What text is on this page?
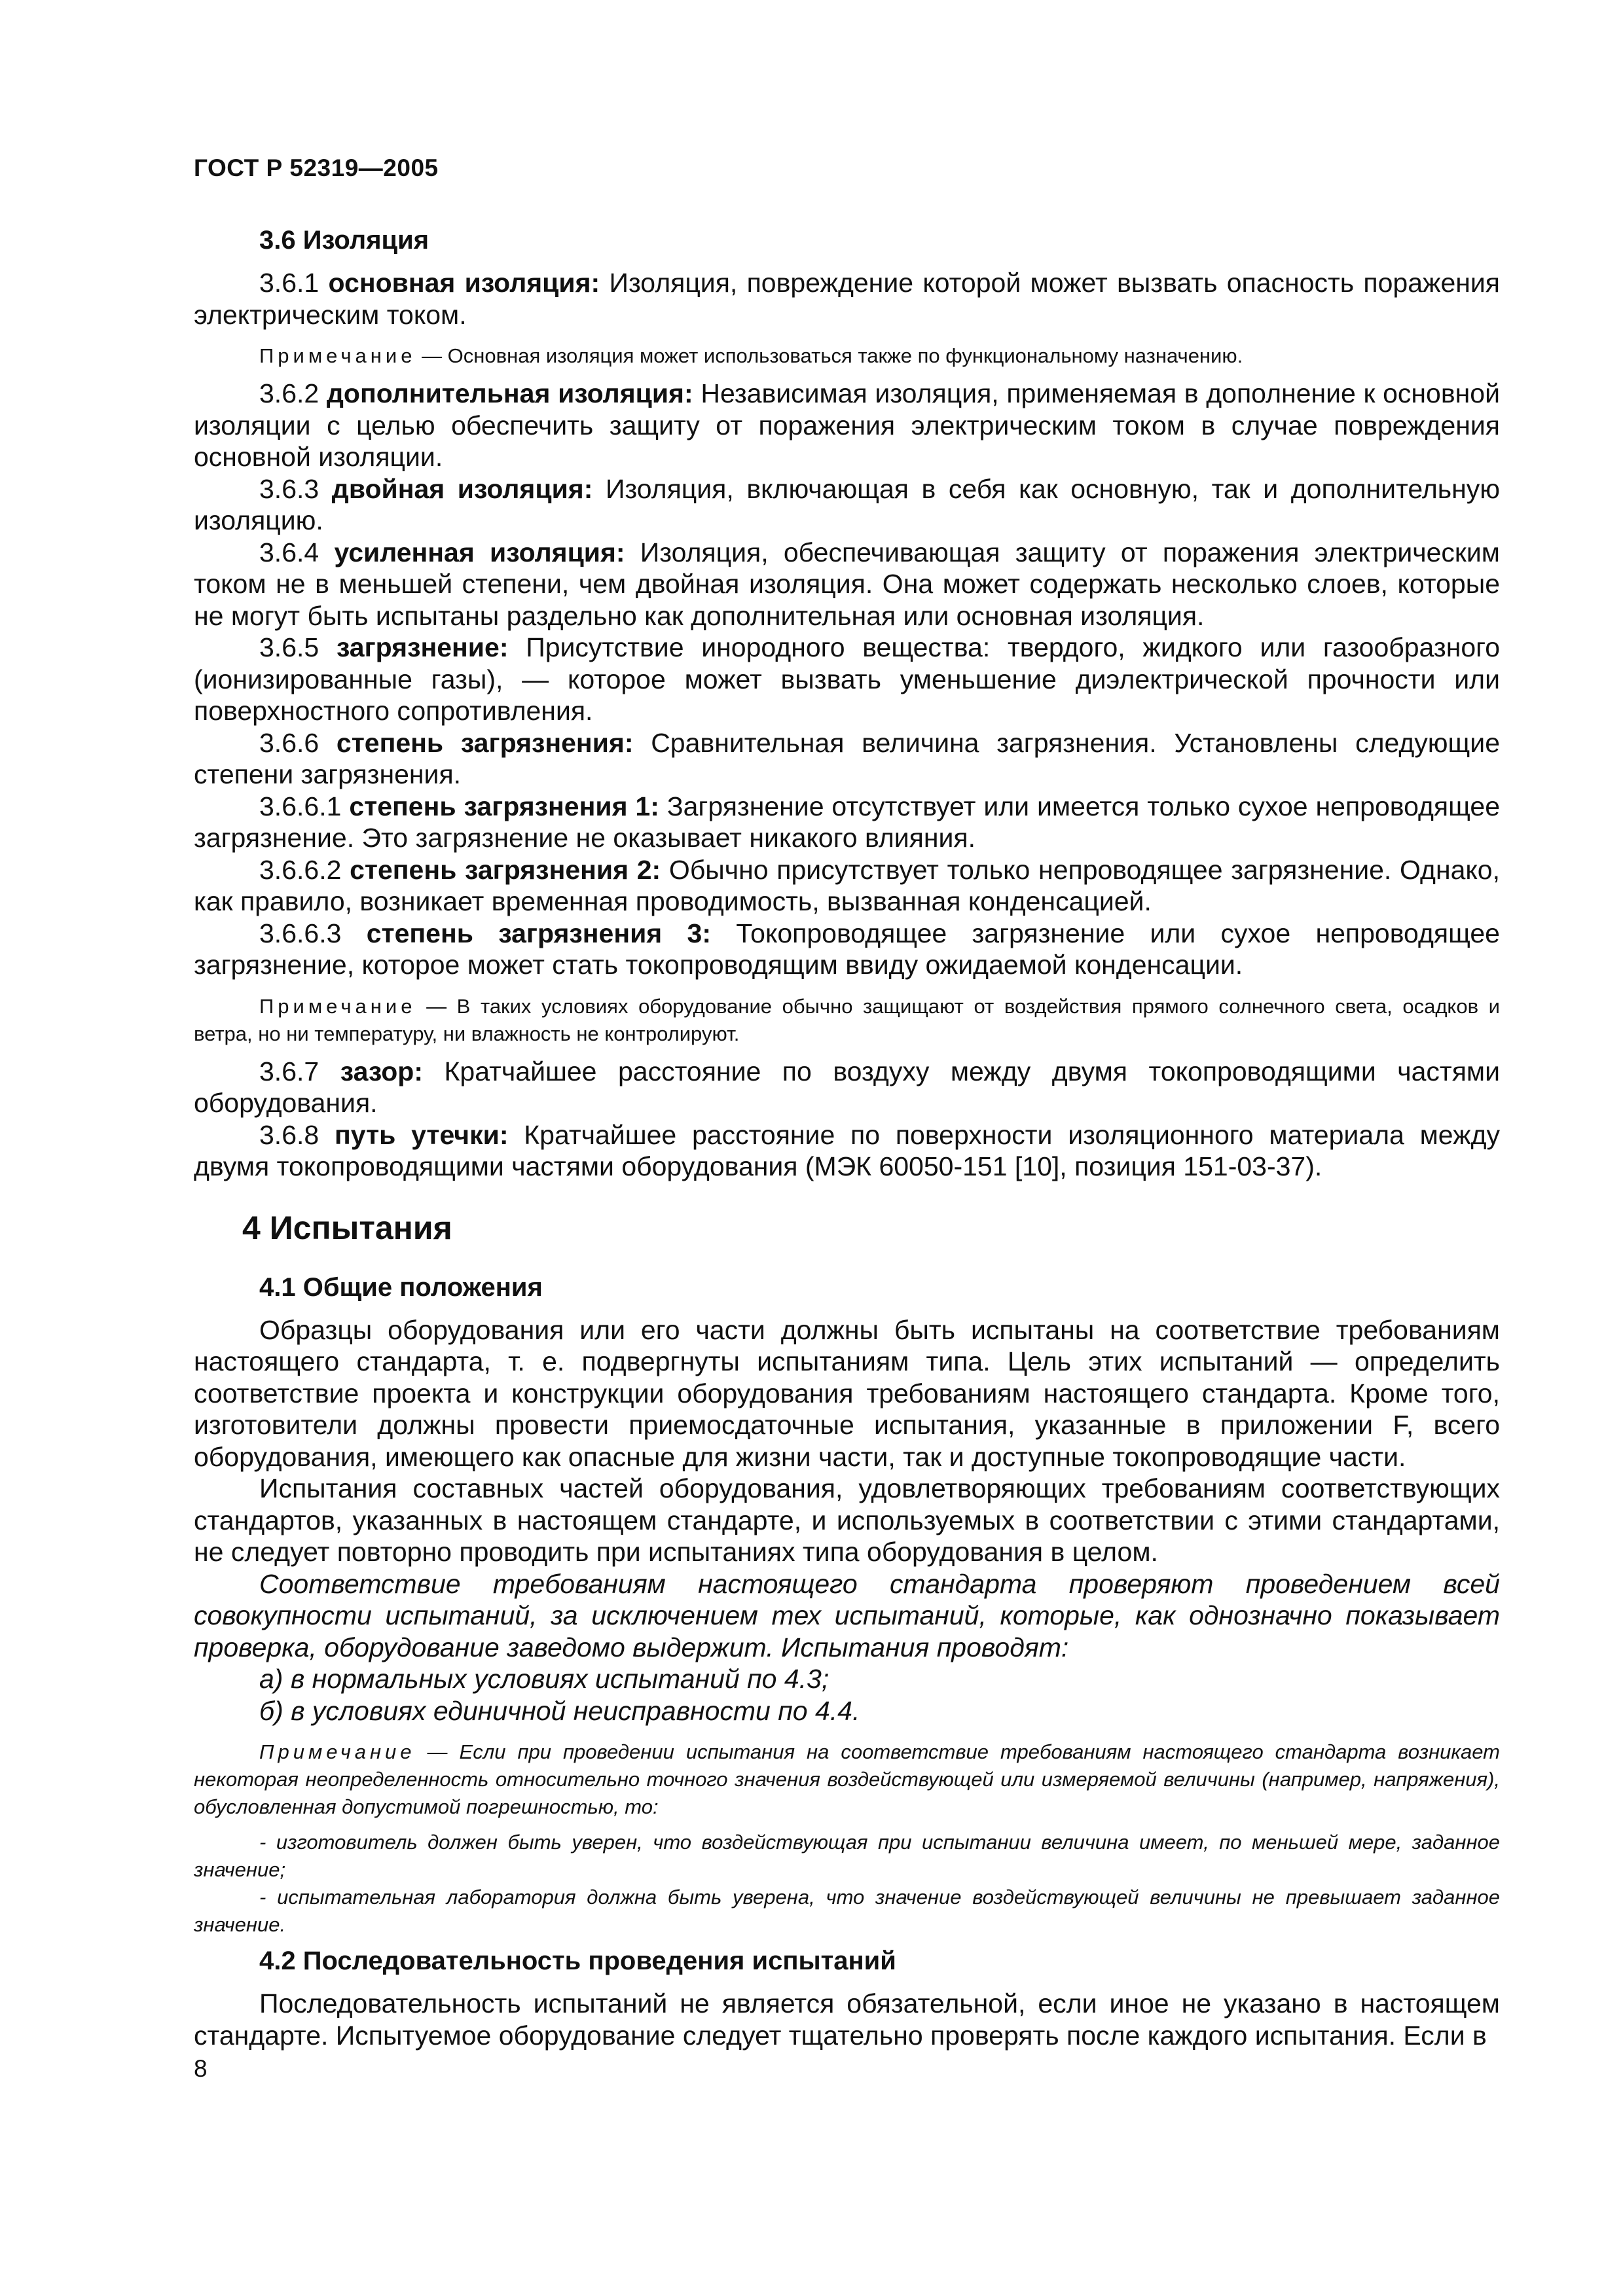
ГОСТ Р 52319—2005
3.6 Изоляция

3.6.1 основная изоляция: Изоляция, повреждение которой может вызвать опасность поражения электрическим током.

Примечание — Основная изоляция может использоваться также по функциональному назначению.

3.6.2 дополнительная изоляция: Независимая изоляция, применяемая в дополнение к основной изоляции с целью обеспечить защиту от поражения электрическим током в случае повреждения основной изоляции.

3.6.3 двойная изоляция: Изоляция, включающая в себя как основную, так и дополнительную изоляцию.

3.6.4 усиленная изоляция: Изоляция, обеспечивающая защиту от поражения электрическим током не в меньшей степени, чем двойная изоляция. Она может содержать несколько слоев, которые не могут быть испытаны раздельно как дополнительная или основная изоляция.

3.6.5 загрязнение: Присутствие инородного вещества: твердого, жидкого или газообразного (ионизированные газы), — которое может вызвать уменьшение диэлектрической прочности или поверхностного сопротивления.

3.6.6 степень загрязнения: Сравнительная величина загрязнения. Установлены следующие степени загрязнения.

3.6.6.1 степень загрязнения 1: Загрязнение отсутствует или имеется только сухое непроводящее загрязнение. Это загрязнение не оказывает никакого влияния.

3.6.6.2 степень загрязнения 2: Обычно присутствует только непроводящее загрязнение. Однако, как правило, возникает временная проводимость, вызванная конденсацией.

3.6.6.3 степень загрязнения 3: Токопроводящее загрязнение или сухое непроводящее загрязнение, которое может стать токопроводящим ввиду ожидаемой конденсации.

Примечание — В таких условиях оборудование обычно защищают от воздействия прямого солнечного света, осадков и ветра, но ни температуру, ни влажность не контролируют.

3.6.7 зазор: Кратчайшее расстояние по воздуху между двумя токопроводящими частями оборудования.

3.6.8 путь утечки: Кратчайшее расстояние по поверхности изоляционного материала между двумя токопроводящими частями оборудования (МЭК 60050-151 [10], позиция 151-03-37).

4 Испытания
4.1 Общие положения

Образцы оборудования или его части должны быть испытаны на соответствие требованиям настоящего стандарта, т. е. подвергнуты испытаниям типа. Цель этих испытаний — определить соответствие проекта и конструкции оборудования требованиям настоящего стандарта. Кроме того, изготовители должны провести приемосдаточные испытания, указанные в приложении F, всего оборудования, имеющего как опасные для жизни части, так и доступные токопроводящие части.

Испытания составных частей оборудования, удовлетворяющих требованиям соответствующих стандартов, указанных в настоящем стандарте, и используемых в соответствии с этими стандартами, не следует повторно проводить при испытаниях типа оборудования в целом.

Соответствие требованиям настоящего стандарта проверяют проведением всей совокупности испытаний, за исключением тех испытаний, которые, как однозначно показывает проверка, оборудование заведомо выдержит. Испытания проводят:

а) в нормальных условиях испытаний по 4.3;

б) в условиях единичной неисправности по 4.4.

Примечание — Если при проведении испытания на соответствие требованиям настоящего стандарта возникает некоторая неопределенность относительно точного значения воздействующей или измеряемой величины (например, напряжения), обусловленная допустимой погрешностью, то:

- изготовитель должен быть уверен, что воздействующая при испытании величина имеет, по меньшей мере, заданное значение;

- испытательная лаборатория должна быть уверена, что значение воздействующей величины не превышает заданное значение.

4.2 Последовательность проведения испытаний

Последовательность испытаний не является обязательной, если иное не указано в настоящем стандарте. Испытуемое оборудование следует тщательно проверять после каждого испытания. Если в

8
